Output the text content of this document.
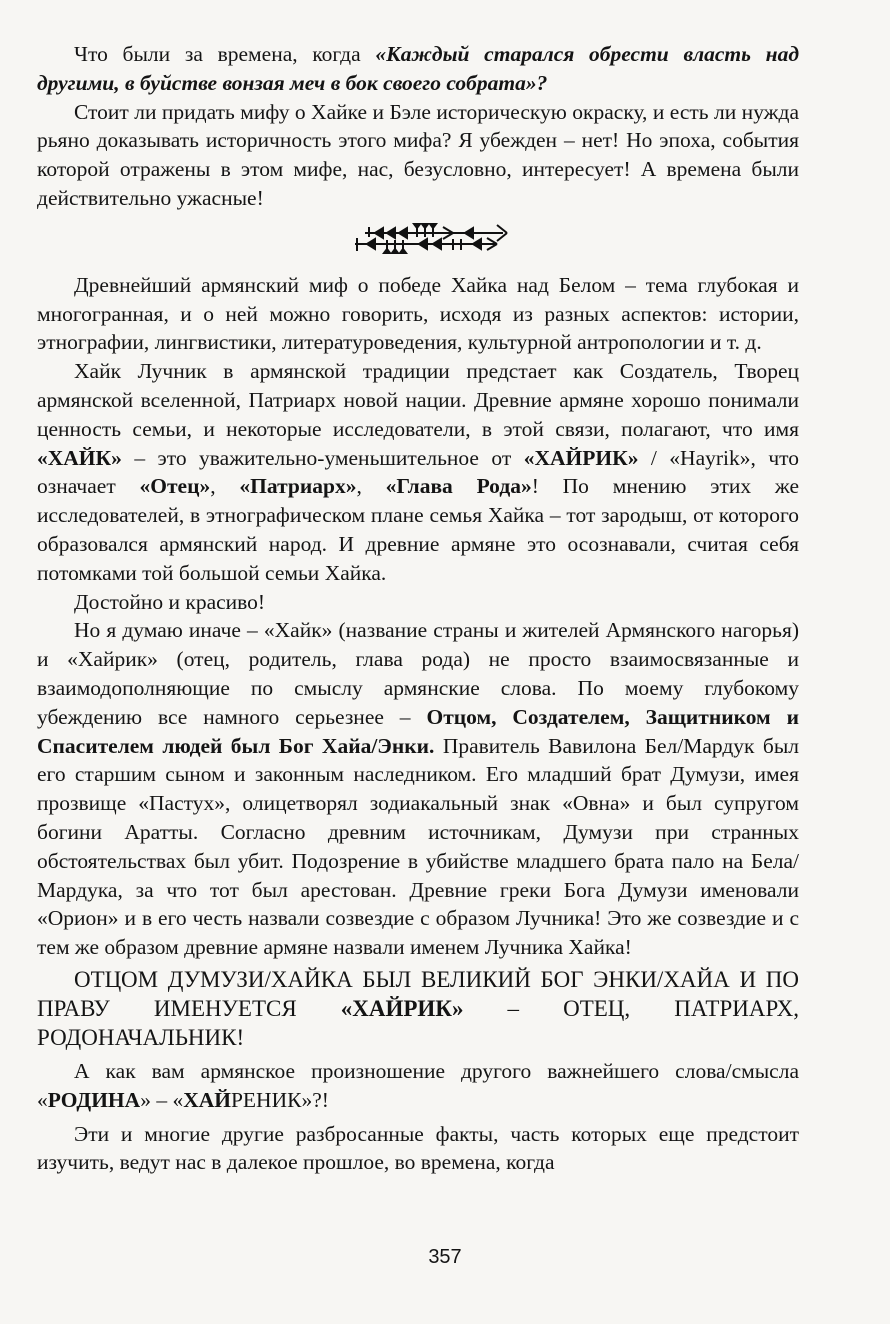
Что были за времена, когда «Каждый старался обрести власть над другими, в буйстве вонзая меч в бок своего собрата»?

Стоит ли придать мифу о Хайке и Бэле историческую окраску, и есть ли нужда рьяно доказывать историчность этого мифа? Я убежден – нет! Но эпоха, события которой отражены в этом мифе, нас, безусловно, интересует! А времена были действительно ужасные!

Древнейший армянский миф о победе Хайка над Белом – тема глубокая и многогранная, и о ней можно говорить, исходя из разных аспектов: истории, этнографии, лингвистики, литературоведения, культурной антропологии и т. д.

Хайк Лучник в армянской традиции предстает как Создатель, Творец армянской вселенной, Патриарх новой нации. Древние армяне хорошо понимали ценность семьи, и некоторые исследователи, в этой связи, полагают, что имя «ХАЙК» – это уважительно-уменьшительное от «ХАЙРИК» / «Hayrik», что означает «Отец», «Патриарх», «Глава Рода»! По мнению этих же исследователей, в этнографическом плане семья Хайка – тот зародыш, от которого образовался армянский народ. И древние армяне это осознавали, считая себя потомками той большой семьи Хайка.

Достойно и красиво!

Но я думаю иначе – «Хайк» (название страны и жителей Армянского нагорья) и «Хайрик» (отец, родитель, глава рода) не просто взаимосвязанные и взаимодополняющие по смыслу армянские слова. По моему глубокому убеждению все намного серьезнее – Отцом, Создателем, Защитником и Спасителем людей был Бог Хайа/Энки. Правитель Вавилона Бел/Мардук был его старшим сыном и законным наследником. Его младший брат Думузи, имея прозвище «Пастух», олицетворял зодиакальный знак «Овна» и был супругом богини Аратты. Согласно древним источникам, Думузи при странных обстоятельствах был убит. Подозрение в убийстве младшего брата пало на Бела/Мардука, за что тот был арестован. Древние греки Бога Думузи именовали «Орион» и в его честь назвали созвездие с образом Лучника! Это же созвездие и с тем же образом древние армяне назвали именем Лучника Хайка!

ОТЦОМ ДУМУЗИ/ХАЙКА БЫЛ ВЕЛИКИЙ БОГ ЭНКИ/ХАЙА И ПО ПРАВУ ИМЕНУЕТСЯ «ХАЙРИК» – ОТЕЦ, ПАТРИАРХ, РОДОНАЧАЛЬНИК!

А как вам армянское произношение другого важнейшего слова/смысла «РОДИНА» – «ХАЙРЕНИК»?!

Эти и многие другие разбросанные факты, часть которых еще предстоит изучить, ведут нас в далекое прошлое, во времена, когда

357
